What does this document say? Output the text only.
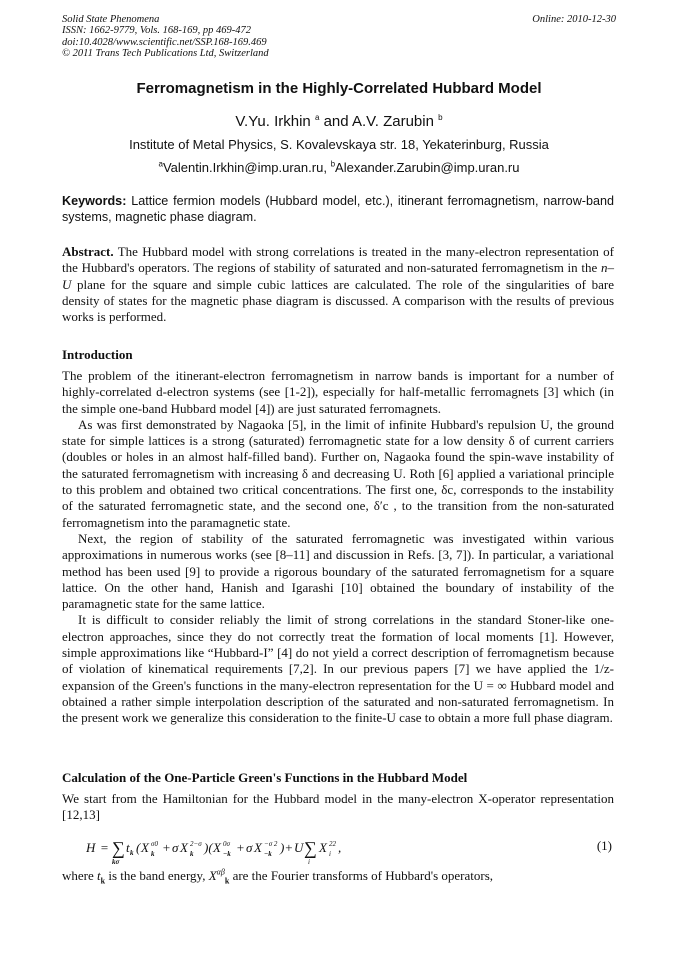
Solid State Phenomena
ISSN: 1662-9779, Vols. 168-169, pp 469-472
doi:10.4028/www.scientific.net/SSP.168-169.469
© 2011 Trans Tech Publications Ltd, Switzerland
Online: 2010-12-30
Ferromagnetism in the Highly-Correlated Hubbard Model
V.Yu. Irkhin $^a$ and A.V. Zarubin $^b$
Institute of Metal Physics, S. Kovalevskaya str. 18, Yekaterinburg, Russia
$^a$Valentin.Irkhin@imp.uran.ru, $^b$Alexander.Zarubin@imp.uran.ru
Keywords: Lattice fermion models (Hubbard model, etc.), itinerant ferromagnetism, narrow-band systems, magnetic phase diagram.
Abstract. The Hubbard model with strong correlations is treated in the many-electron representation of the Hubbard's operators. The regions of stability of saturated and non-saturated ferromagnetism in the n–U plane for the square and simple cubic lattices are calculated. The role of the singularities of bare density of states for the magnetic phase diagram is discussed. A comparison with the results of previous works is performed.
Introduction

The problem of the itinerant-electron ferromagnetism in narrow bands is important for a number of highly-correlated d-electron systems (see [1-2]), especially for half-metallic ferromagnets [3] which (in the simple one-band Hubbard model [4]) are just saturated ferromagnets.

As was first demonstrated by Nagaoka [5], in the limit of infinite Hubbard's repulsion U, the ground state for simple lattices is a strong (saturated) ferromagnetic state for a low density δ of current carriers (doubles or holes in an almost half-filled band). Further on, Nagaoka found the spin-wave instability of the saturated ferromagnetism with increasing δ and decreasing U. Roth [6] applied a variational principle to this problem and obtained two critical concentrations. The first one, δc, corresponds to the instability of the saturated ferromagnetic state, and the second one, δ′c , to the transition from the non-saturated ferromagnetism into the paramagnetic state.

Next, the region of stability of the saturated ferromagnetic was investigated within various approximations in numerous works (see [8–11] and discussion in Refs. [3, 7]). In particular, a variational method has been used [9] to provide a rigorous boundary of the saturated ferromagnetism for a square lattice. On the other hand, Hanish and Igarashi [10] obtained the boundary of instability of the paramagnetic state for the same lattice.

It is difficult to consider reliably the limit of strong correlations in the standard Stoner-like one-electron approaches, since they do not correctly treat the formation of local moments [1]. However, simple approximations like “Hubbard-I” [4] do not yield a correct description of ferromagnetism because of violation of kinematical requirements [7,2]. In our previous papers [7] we have applied the 1/z-expansion of the Green's functions in the many-electron representation for the U = ∞ Hubbard model and obtained a rather simple interpolation description of the saturated and non-saturated ferromagnetism. In the present work we generalize this consideration to the finite-U case to obtain a more full phase diagram.

Calculation of the One-Particle Green's Functions in the Hubbard Model
We start from the Hamiltonian for the Hubbard model in the many-electron X-operator representation [12,13]
H = ∑
kσ
t k ( X σ0
k + σ X 2−σ
k )( X 0σ
−k + σ X −σ 2
−k )+ U ∑
i
X 22
i ,	(1)
where $t_k$ is the band energy, $X^{\alpha\beta}_k$ are the Fourier transforms of Hubbard's operators,
